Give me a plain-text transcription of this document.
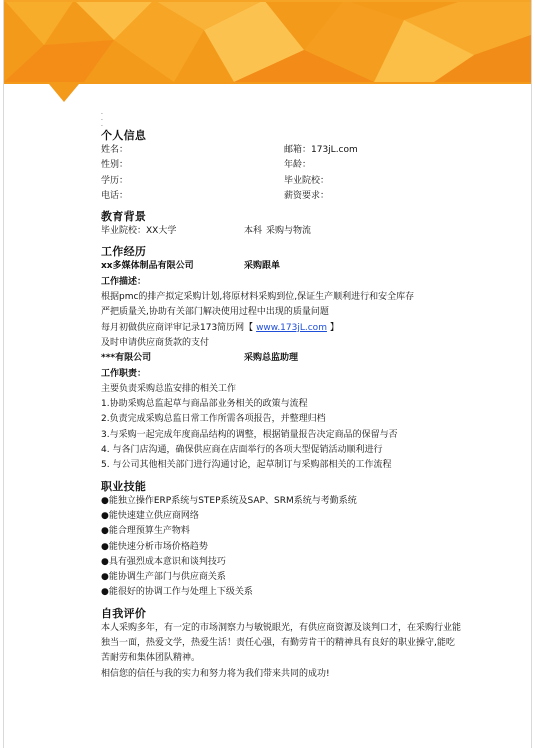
.
.
.
个人信息
姓名：	邮箱：173jL.com
性别：	年龄：
学历：	毕业院校：
电话：	薪资要求：
教育背景
毕业院校：XX大学	本科 采购与物流
工作经历
xx多媒体制品有限公司	采购跟单
工作描述：
根据pmc的排产拟定采购计划,将原材料采购到位,保证生产顺利进行和安全库存
严把质量关,协助有关部门解决使用过程中出现的质量问题
每月初做供应商评审记录173简历网【 www.173jL.com 】
及时申请供应商货款的支付
***有限公司	采购总监助理
工作职责：
主要负责采购总监安排的相关工作
1.协助采购总监起草与商品部业务相关的政策与流程
2.负责完成采购总监日常工作所需各项报告，并整理归档
3.与采购一起完成年度商品结构的调整，根据销量报告决定商品的保留与否
4. 与各门店沟通，确保供应商在店面举行的各项大型促销活动顺利进行
5. 与公司其他相关部门进行沟通讨论，起草制订与采购部相关的工作流程
职业技能
●能独立操作ERP系统与STEP系统及SAP、SRM系统与考勤系统
●能快速建立供应商网络
●能合理预算生产物料
●能快速分析市场价格趋势
●具有强烈成本意识和谈判技巧
●能协调生产部门与供应商关系
●能很好的协调工作与处理上下级关系
自我评价
本人采购多年，有一定的市场洞察力与敏锐眼光，有供应商资源及谈判口才，在采购行业能独当一面，热爱文学，热爱生活！责任心强，有勤劳肯干的精神具有良好的职业操守,能吃苦耐劳和集体团队精神。
相信您的信任与我的实力和努力将为我们带来共同的成功!
